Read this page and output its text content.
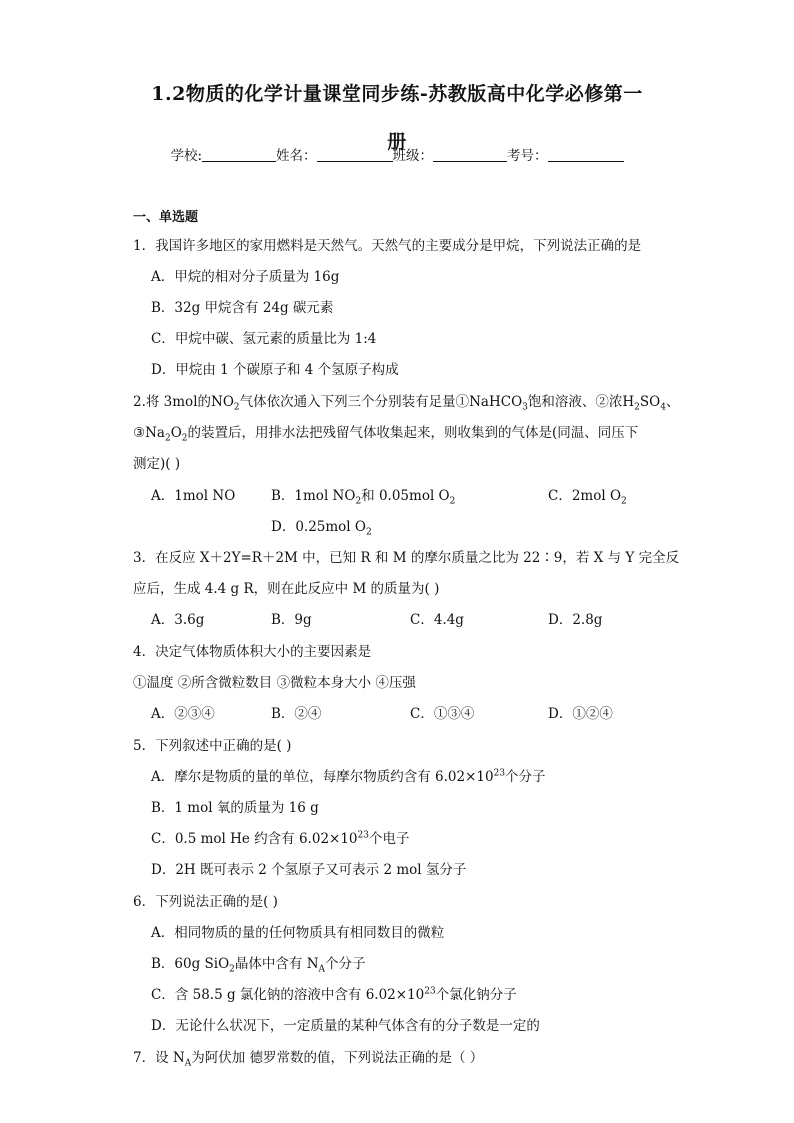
1.2物质的化学计量课堂同步练-苏教版高中化学必修第一
册
学校:	姓名：	班级：	考号：
一、单选题
1．我国许多地区的家用燃料是天然气。天然气的主要成分是甲烷，下列说法正确的是
A．甲烷的相对分子质量为 16g
B．32g 甲烷含有 24g 碳元素
C．甲烷中碳、氢元素的质量比为 1:4
D．甲烷由 1 个碳原子和 4 个氢原子构成
2.将 3mol的$NO_2$气体依次通入下列三个分别装有足量①NaHCO$_3$饱和溶液、②浓$H_2SO_4$、
$③Na_2O_2$的装置后，用排水法把残留气体收集起来，则收集到的气体是(同温、同压下
测定)( )
A．1mol NO	B．1mol $NO_2$和 0.05mol $O_2$	C．2mol $O_2$
D．0.25mol $O_2$
3．在反应 X＋2Y=R＋2M 中，已知 R 和 M 的摩尔质量之比为 22∶9，若 X 与 Y 完全反
应后，生成 4.4 g R，则在此反应中 M 的质量为( )
A．3.6g	B．9g	C．4.4g	D．2.8g
4．决定气体物质体积大小的主要因素是
①温度 ②所含微粒数目 ③微粒本身大小 ④压强
A．②③④	B．②④	C．①③④	D．①②④
5．下列叙述中正确的是( )
A．摩尔是物质的量的单位，每摩尔物质约含有 $6.02\times 10^{23}$个分子
B．1 mol 氧的质量为 16 g
C．0.5 mol He 约含有 $6.02\times 10^{23}$个电子
D．2H 既可表示 2 个氢原子又可表示 2 mol 氢分子
6．下列说法正确的是( )
A．相同物质的量的任何物质具有相同数目的微粒
B．60g SiO$_2$晶体中含有 $N_A$个分子
C．含 58.5 g 氯化钠的溶液中含有 $6.02\times 10^{23}$个氯化钠分子
D．无论什么状况下，一定质量的某种气体含有的分子数是一定的
7．设 $N_A$为阿伏加 德罗常数的值，下列说法正确的是（ ）
